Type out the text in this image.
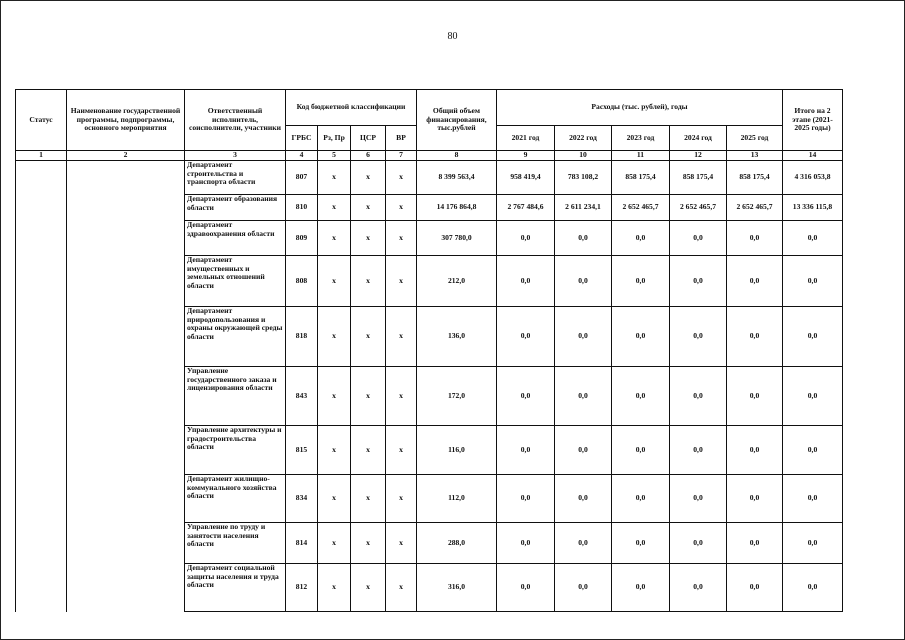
80
Статус	Наименование государственной программы, подпрограммы, основного мероприятия	Ответственный исполнитель, соисполнители, участники	Код бюджетной классификации				Общий объем финансирования, тыс.рублей	Расходы (тыс. рублей), годы					Итого на 2 этапе (2021-2025 годы)
			ГРБС	Рз, Пр	ЦСР	ВР		2021 год	2022 год	2023 год	2024 год	2025 год	
1	2	3	4	5	6	7	8	9	10	11	12	13	14
		Департамент строительства и транспорта области	807	х	х	х	8 399 563,4	958 419,4	783 108,2	858 175,4	858 175,4	858 175,4	4 316 053,8
		Департамент образования области	810	х	х	х	14 176 864,8	2 767 484,6	2 611 234,1	2 652 465,7	2 652 465,7	2 652 465,7	13 336 115,8
		Департамент здравоохранения области	809	х	х	х	307 780,0	0,0	0,0	0,0	0,0	0,0	0,0
		Департамент имущественных и земельных отношений области	808	х	х	х	212,0	0,0	0,0	0,0	0,0	0,0	0,0
		Департамент природопользования и охраны окружающей среды области	818	х	х	х	136,0	0,0	0,0	0,0	0,0	0,0	0,0
		Управление государственного заказа и лицензирования области	843	х	х	х	172,0	0,0	0,0	0,0	0,0	0,0	0,0
		Управление архитектуры и градостроительства области	815	х	х	х	116,0	0,0	0,0	0,0	0,0	0,0	0,0
		Департамент жилищно-коммунального хозяйства области	834	х	х	х	112,0	0,0	0,0	0,0	0,0	0,0	0,0
		Управление по труду и занятости населения области	814	х	х	х	288,0	0,0	0,0	0,0	0,0	0,0	0,0
		Департамент социальной защиты населения и труда области	812	х	х	х	316,0	0,0	0,0	0,0	0,0	0,0	0,0
